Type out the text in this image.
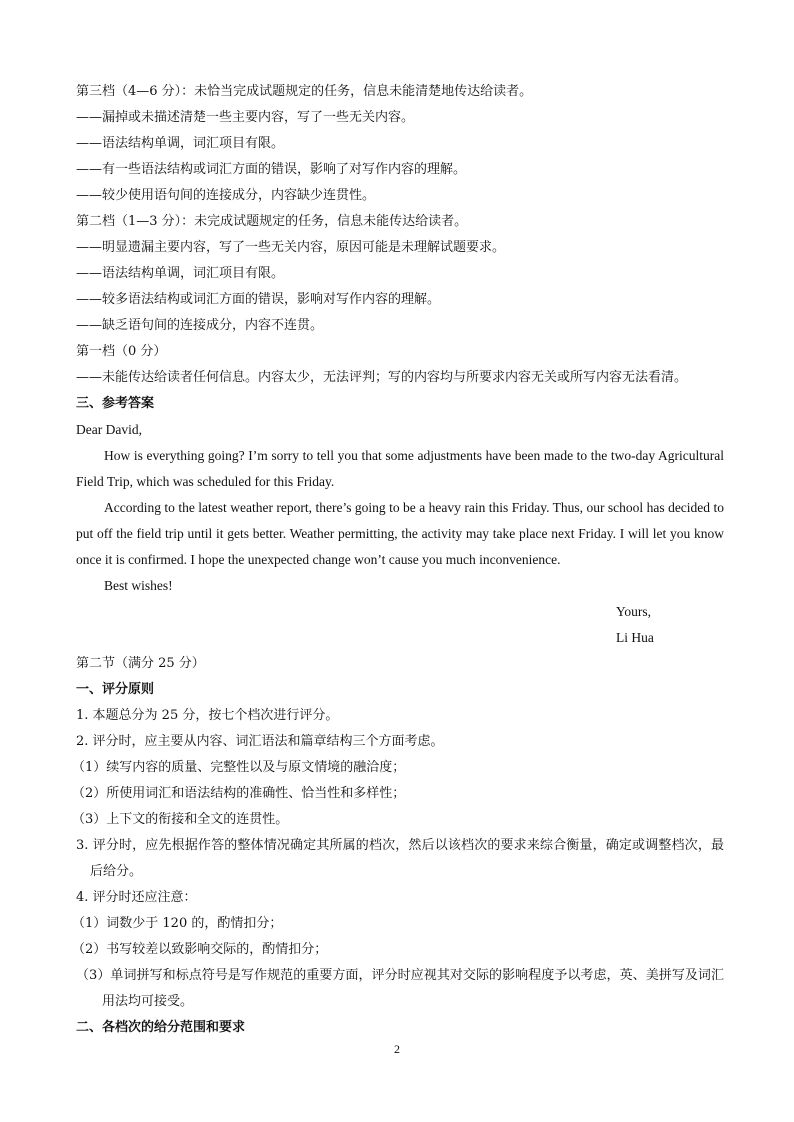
第三档（4—6 分）：未恰当完成试题规定的任务，信息未能清楚地传达给读者。
——漏掉或未描述清楚一些主要内容，写了一些无关内容。
——语法结构单调，词汇项目有限。
——有一些语法结构或词汇方面的错误，影响了对写作内容的理解。
——较少使用语句间的连接成分，内容缺少连贯性。
第二档（1—3 分）：未完成试题规定的任务，信息未能传达给读者。
——明显遗漏主要内容，写了一些无关内容，原因可能是未理解试题要求。
——语法结构单调，词汇项目有限。
——较多语法结构或词汇方面的错误，影响对写作内容的理解。
——缺乏语句间的连接成分，内容不连贯。
第一档（0 分）
——未能传达给读者任何信息。内容太少，无法评判；写的内容均与所要求内容无关或所写内容无法看清。
三、参考答案
Dear David,
How is everything going? I’m sorry to tell you that some adjustments have been made to the two-day Agricultural Field Trip, which was scheduled for this Friday.
According to the latest weather report, there’s going to be a heavy rain this Friday. Thus, our school has decided to put off the field trip until it gets better. Weather permitting, the activity may take place next Friday. I will let you know once it is confirmed. I hope the unexpected change won’t cause you much inconvenience.
Best wishes!
Yours,
Li Hua
第二节（满分 25 分）
一、评分原则
1. 本题总分为 25 分，按七个档次进行评分。
2. 评分时，应主要从内容、词汇语法和篇章结构三个方面考虑。
（1）续写内容的质量、完整性以及与原文情境的融洽度；
（2）所使用词汇和语法结构的准确性、恰当性和多样性；
（3）上下文的衔接和全文的连贯性。
3. 评分时，应先根据作答的整体情况确定其所属的档次，然后以该档次的要求来综合衡量，确定或调整档次，最后给分。
4. 评分时还应注意：
（1）词数少于 120 的，酌情扣分；
（2）书写较差以致影响交际的，酌情扣分；
（3）单词拼写和标点符号是写作规范的重要方面，评分时应视其对交际的影响程度予以考虑，英、美拼写及词汇用法均可接受。
二、各档次的给分范围和要求
2
